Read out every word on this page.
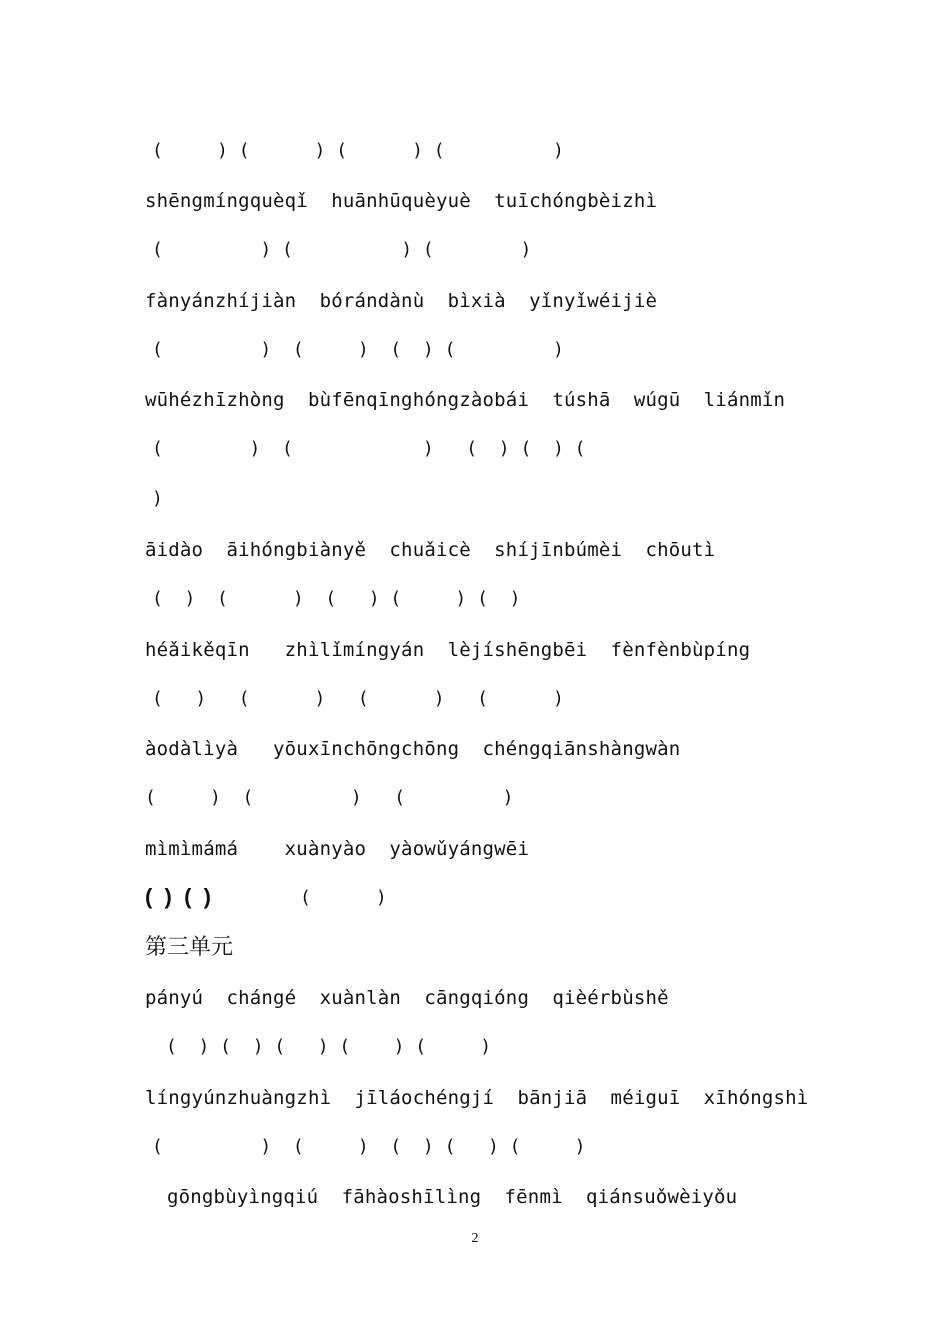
(     ) (      ) (      ) (          )
shēngmíngquèqǐ  huānhūquèyuè  tuīchóngbèizhì
(         ) (          ) (        )
fànyánzhíjiàn  bórándànù  bìxià  yǐnyǐwéijiè
(         )  (     )  (  ) (         )
wūhézhīzhòng  bùfēnqīnghóngzàobái  túshā  wúgū  liánmǐn
(        )  (            )   (  ) (  ) (
)
āidào  āihóngbiànyě  chuǎicè  shíjīnbúmèi  chōutì
(  )  (      )  (   ) (     ) (  )
héǎikěqīn   zhìlǐmíngyán  lèjíshēngbēi  fènfènbùpíng
(   )   (      )   (      )   (      )
àodàlìyà   yōuxīnchōngchōng  chéngqiānshàngwàn
(     )  (         )   (         )
mìmìmámá    xuànyào  yàowǔyángwēi
(  )  (  )	(      )
第三单元
pányú  chángé  xuànlàn  cāngqióng  qièérbùshě
(  ) (  ) (   ) (    ) (     )
língyúnzhuàngzhì  jīláochéngjí  bānjiā  méiguī  xīhóngshì
(         )  (     )  (  ) (   ) (     )
gōngbùyìngqiú  fāhàoshīlìng  fēnmì  qiánsuǒwèiyǒu
2
